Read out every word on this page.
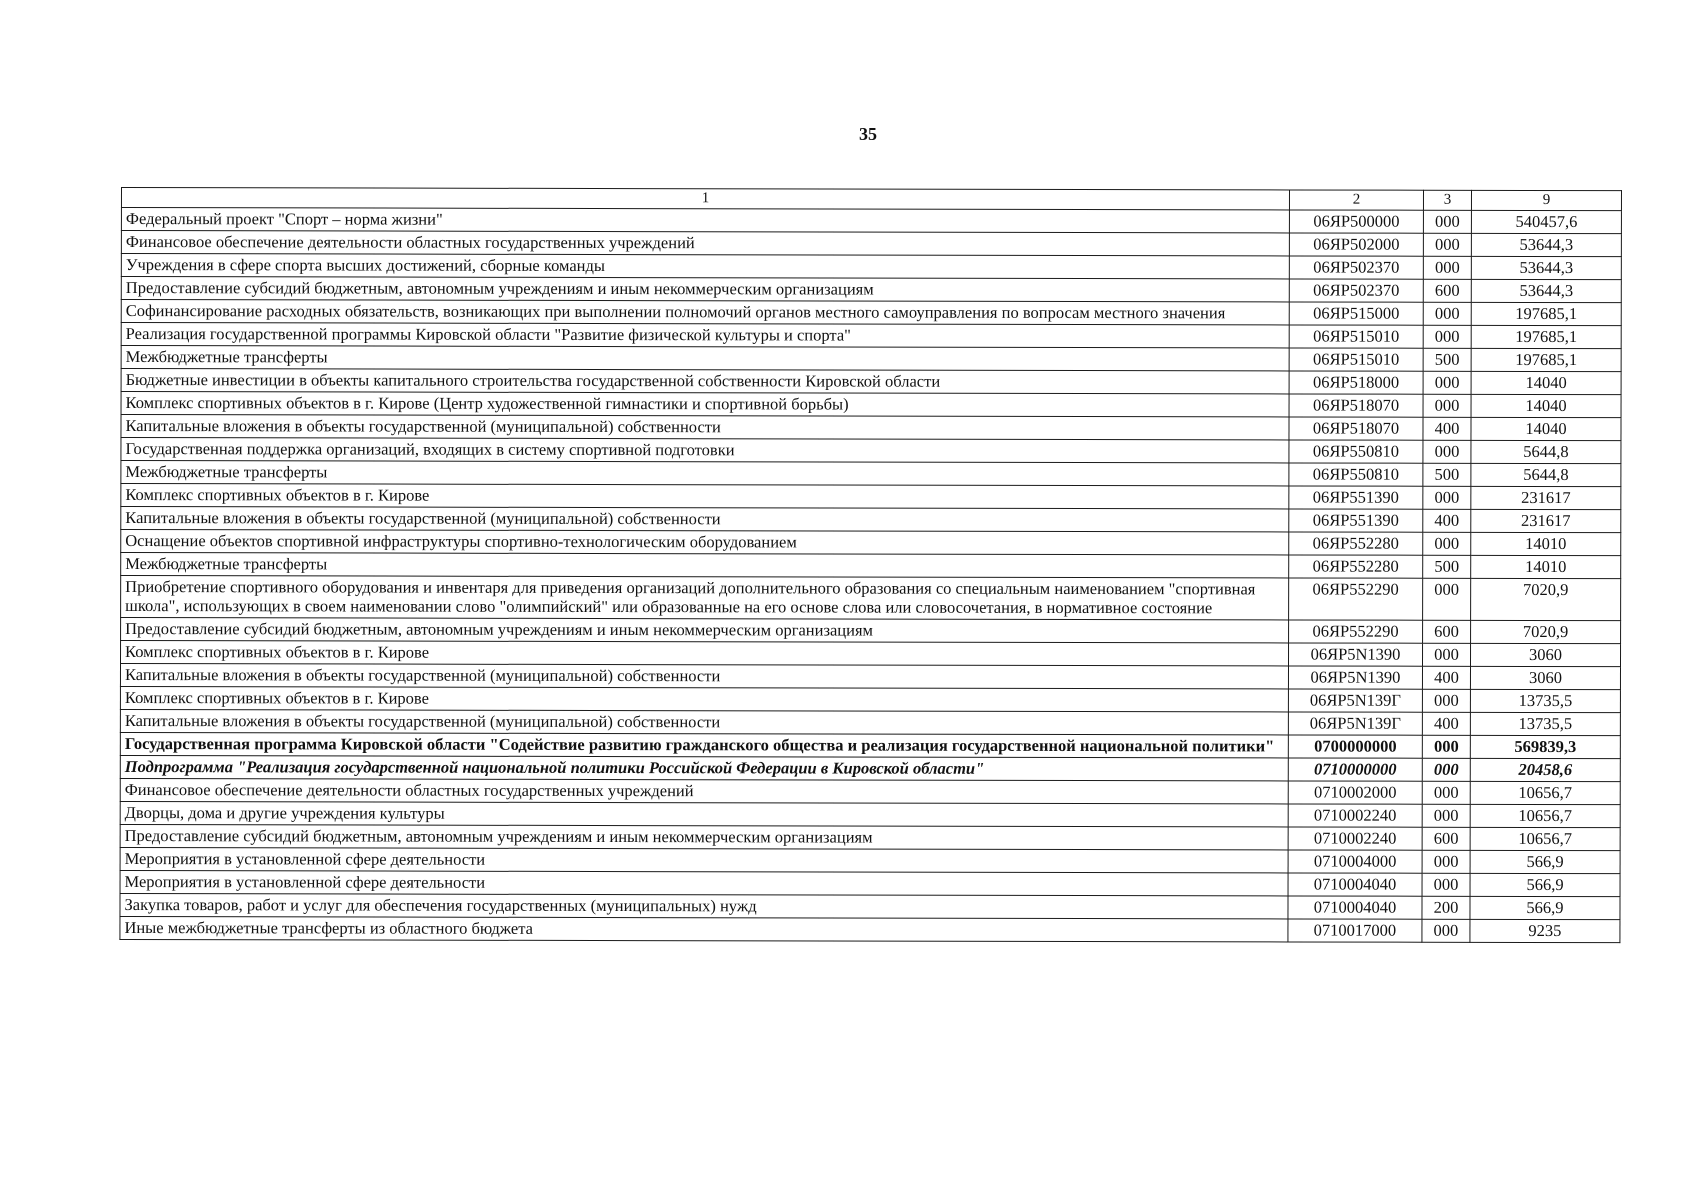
35
1	2	3	9
Федеральный проект "Спорт – норма жизни"	06ЯР500000	000	540457,6
Финансовое обеспечение деятельности областных государственных учреждений	06ЯР502000	000	53644,3
Учреждения в сфере спорта высших достижений, сборные команды	06ЯР502370	000	53644,3
Предоставление субсидий бюджетным, автономным учреждениям и иным некоммерческим организациям	06ЯР502370	600	53644,3
Софинансирование расходных обязательств, возникающих при выполнении полномочий органов местного самоуправления по вопросам местного значения	06ЯР515000	000	197685,1
Реализация государственной программы Кировской области "Развитие физической культуры и спорта"	06ЯР515010	000	197685,1
Межбюджетные трансферты	06ЯР515010	500	197685,1
Бюджетные инвестиции в объекты капитального строительства государственной собственности Кировской области	06ЯР518000	000	14040
Комплекс спортивных объектов в г. Кирове (Центр художественной гимнастики и спортивной борьбы)	06ЯР518070	000	14040
Капитальные вложения в объекты государственной (муниципальной) собственности	06ЯР518070	400	14040
Государственная поддержка организаций, входящих в систему спортивной подготовки	06ЯР550810	000	5644,8
Межбюджетные трансферты	06ЯР550810	500	5644,8
Комплекс спортивных объектов в г. Кирове	06ЯР551390	000	231617
Капитальные вложения в объекты государственной (муниципальной) собственности	06ЯР551390	400	231617
Оснащение объектов спортивной инфраструктуры спортивно-технологическим оборудованием	06ЯР552280	000	14010
Межбюджетные трансферты	06ЯР552280	500	14010
Приобретение спортивного оборудования и инвентаря для приведения организаций дополнительного образования со специальным наименованием "спортивная школа", использующих в своем наименовании слово "олимпийский" или образованные на его основе слова или словосочетания, в нормативное состояние	06ЯР552290	000	7020,9
Предоставление субсидий бюджетным, автономным учреждениям и иным некоммерческим организациям	06ЯР552290	600	7020,9
Комплекс спортивных объектов в г. Кирове	06ЯР5N1390	000	3060
Капитальные вложения в объекты государственной (муниципальной) собственности	06ЯР5N1390	400	3060
Комплекс спортивных объектов в г. Кирове	06ЯР5N139Г	000	13735,5
Капитальные вложения в объекты государственной (муниципальной) собственности	06ЯР5N139Г	400	13735,5
Государственная программа Кировской области "Содействие развитию гражданского общества и реализация государственной национальной политики"	0700000000	000	569839,3
Подпрограмма "Реализация государственной национальной политики Российской Федерации в Кировской области"	0710000000	000	20458,6
Финансовое обеспечение деятельности областных государственных учреждений	0710002000	000	10656,7
Дворцы, дома и другие учреждения культуры	0710002240	000	10656,7
Предоставление субсидий бюджетным, автономным учреждениям и иным некоммерческим организациям	0710002240	600	10656,7
Мероприятия в установленной сфере деятельности	0710004000	000	566,9
Мероприятия в установленной сфере деятельности	0710004040	000	566,9
Закупка товаров, работ и услуг для обеспечения государственных (муниципальных) нужд	0710004040	200	566,9
Иные межбюджетные трансферты из областного бюджета	0710017000	000	9235
